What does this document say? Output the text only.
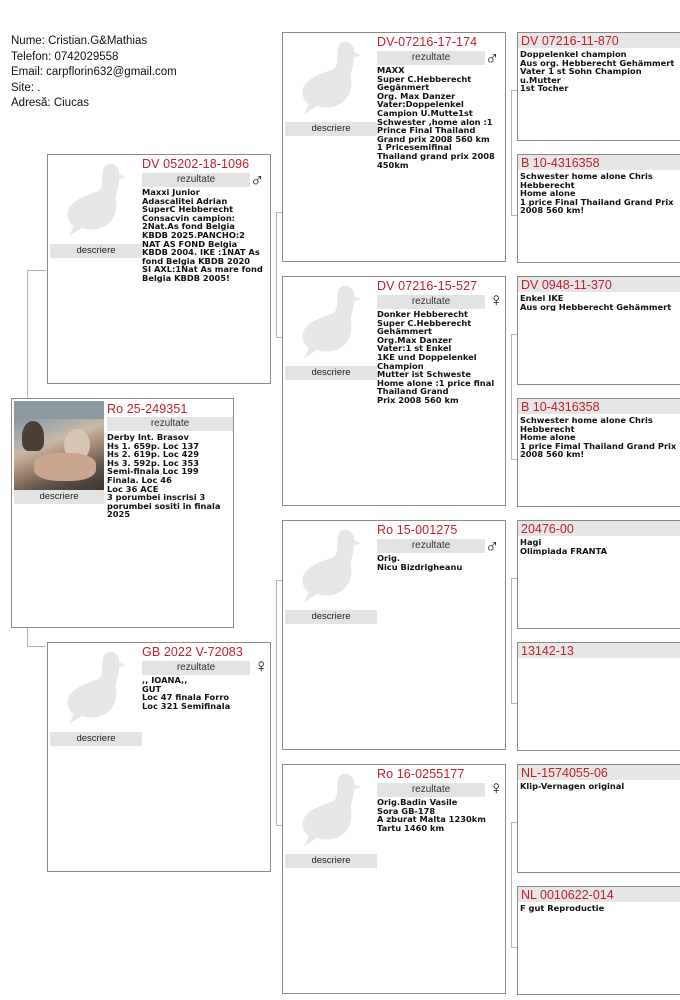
Nume: Cristian.G&Mathias
Telefon: 0742029558
Email: carpflorin632@gmail.com
Site: .
Adresă: Ciucas
descriere
Ro 25-249351
rezultate
Derby Int. Brasov
Hs 1. 659p. Loc 137
Hs 2. 619p. Loc 429
Hs 3. 592p. Loc 353
Semi-finala Loc 199
Finala. Loc 46
Loc 36 ACE
3 porumbei inscrisi 3 porumbei sositi in finala 2025
descriere
DV 05202-18-1096
rezultate	♂
Maxxi Junior
Adascalitei Adrian
SuperC Hebberecht
Consacvin campion:
2Nat.As fond Belgia
KBDB 2025.PANCHO:2
NAT AS FOND Belgia
KBDB 2004. IKE :1NAT As fond Belgia KBDB 2020
SI AXL:1Nat As mare fond Belgia KBDB 2005!
descriere
GB 2022 V-72083
rezultate	♀
,, IOANA,,
GUT
Loc 47 finala Forro
Loc 321 Semifinala
descriere
DV-07216-17-174
rezultate	♂
MAXX
Super C.Hebberecht
Gegänmert
Org. Max Danzer
Vater:Doppelenkel
Campion U.Mutte1st
Schwester ,home alon :1
Prince Final Thailand
Grand prix 2008 560 km
1 Pricesemifinal
Thailand grand prix 2008
450km
descriere
DV 07216-15-527
rezultate	♀
Donker Hebberecht
Super C.Hebberecht
Gehämmert
Org.Max Danzer
Vater:1 st Enkel
1KE und Doppelenkel
Champion
Mutter ist Schweste
Home alone :1 price final
Thailand Grand
Prix 2008 560 km
descriere
Ro 15-001275
rezultate	♂
Orig.
Nicu Bizdrigheanu
descriere
Ro 16-0255177
rezultate	♀
Orig.Badin Vasile
Sora GB-178
A zburat Malta 1230km
Tartu 1460 km
DV 07216-11-870
Doppelenkel champion
Aus org. Hebberecht Gehämmert
Vater 1 st Sohn Champion u.Mutter
1st Tocher
B 10-4316358
Schwester home alone Chris
Hebberecht
Home alone
1 price Final Thailand Grand Prix
2008 560 km!
DV 0948-11-370
Enkel IKE
Aus org Hebberecht Gehämmert
B 10-4316358
Schwester home alone Chris
Hebberecht
Home alone
1 price Fimal Thailand Grand Prix
2008 560 km!
20476-00
Hagi
Olimpiada FRANTA
13142-13
NL-1574055-06
Klip-Vernagen original
NL 0010622-014
F gut Reproductie
